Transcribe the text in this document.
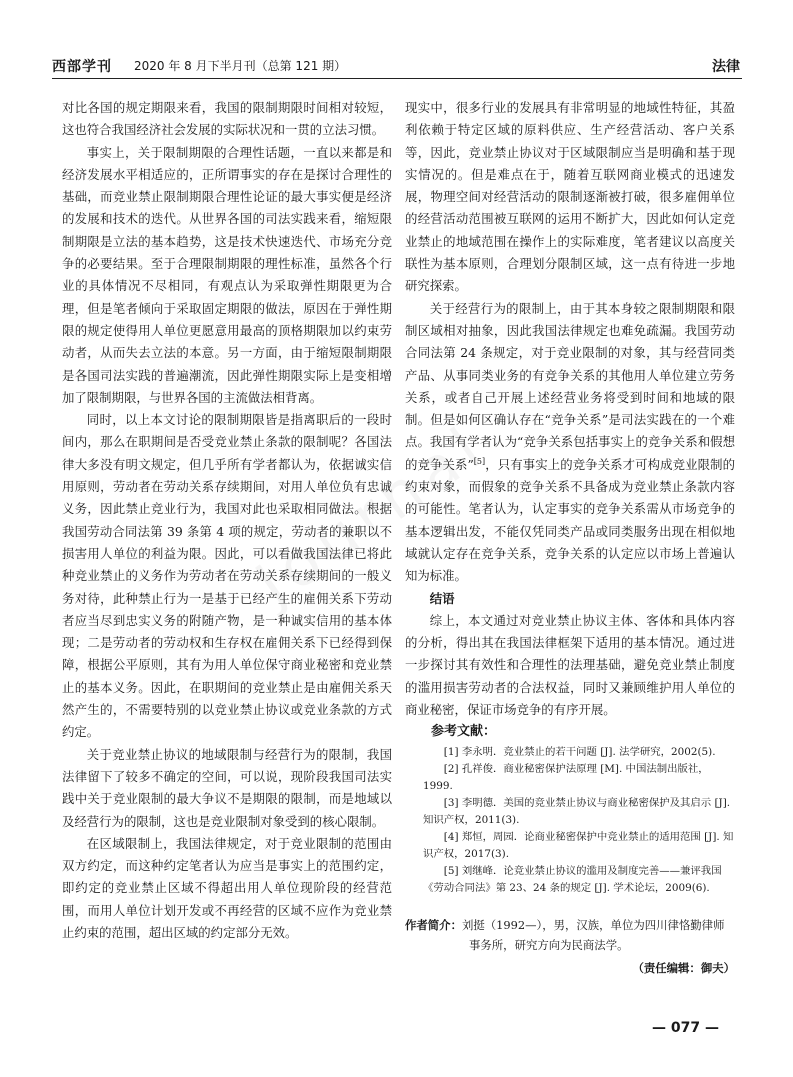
西部学刊 2020 年 8 月下半月刊（总第 121 期）	法律

对比各国的规定期限来看，我国的限制期限时间相对较短，这也符合我国经济社会发展的实际状况和一贯的立法习惯。

事实上，关于限制期限的合理性话题，一直以来都是和经济发展水平相适应的，正所谓事实的存在是探讨合理性的基础，而竞业禁止限制期限合理性论证的最大事实便是经济的发展和技术的迭代。从世界各国的司法实践来看，缩短限制期限是立法的基本趋势，这是技术快速迭代、市场充分竞争的必要结果。至于合理限制期限的理性标准，虽然各个行业的具体情况不尽相同，有观点认为采取弹性期限更为合理，但是笔者倾向于采取固定期限的做法，原因在于弹性期限的规定使得用人单位更愿意用最高的顶格期限加以约束劳动者，从而失去立法的本意。另一方面，由于缩短限制期限是各国司法实践的普遍潮流，因此弹性期限实际上是变相增加了限制期限，与世界各国的主流做法相背离。

同时，以上本文讨论的限制期限皆是指离职后的一段时间内，那么在职期间是否受竞业禁止条款的限制呢？各国法律大多没有明文规定，但几乎所有学者都认为，依据诚实信用原则，劳动者在劳动关系存续期间，对用人单位负有忠诚义务，因此禁止竞业行为，我国对此也采取相同做法。根据我国劳动合同法第 39 条第 4 项的规定，劳动者的兼职以不损害用人单位的利益为限。因此，可以看做我国法律已将此种竞业禁止的义务作为劳动者在劳动关系存续期间的一般义务对待，此种禁止行为一是基于已经产生的雇佣关系下劳动者应当尽到忠实义务的附随产物，是一种诚实信用的基本体现；二是劳动者的劳动权和生存权在雇佣关系下已经得到保障，根据公平原则，其有为用人单位保守商业秘密和竞业禁止的基本义务。因此，在职期间的竞业禁止是由雇佣关系天然产生的，不需要特别的以竞业禁止协议或竞业条款的方式约定。

关于竞业禁止协议的地域限制与经营行为的限制，我国法律留下了较多不确定的空间，可以说，现阶段我国司法实践中关于竞业限制的最大争议不是期限的限制，而是地域以及经营行为的限制，这也是竞业限制对象受到的核心限制。

在区域限制上，我国法律规定，对于竞业限制的范围由双方约定，而这种约定笔者认为应当是事实上的范围约定，即约定的竞业禁止区域不得超出用人单位现阶段的经营范围，而用人单位计划开发或不再经营的区域不应作为竞业禁止约束的范围，超出区域的约定部分无效。

现实中，很多行业的发展具有非常明显的地域性特征，其盈利依赖于特定区域的原料供应、生产经营活动、客户关系等，因此，竞业禁止协议对于区域限制应当是明确和基于现实情况的。但是难点在于，随着互联网商业模式的迅速发展，物理空间对经营活动的限制逐渐被打破，很多雇佣单位的经营活动范围被互联网的运用不断扩大，因此如何认定竞业禁止的地域范围在操作上的实际难度，笔者建议以高度关联性为基本原则，合理划分限制区域，这一点有待进一步地研究探索。

关于经营行为的限制上，由于其本身较之限制期限和限制区域相对抽象，因此我国法律规定也难免疏漏。我国劳动合同法第 24 条规定，对于竞业限制的对象，其与经营同类产品、从事同类业务的有竞争关系的其他用人单位建立劳务关系，或者自己开展上述经营业务将受到时间和地域的限制。但是如何区确认存在“竞争关系”是司法实践在的一个难点。我国有学者认为“竞争关系包括事实上的竞争关系和假想的竞争关系”[5]，只有事实上的竞争关系才可构成竞业限制的约束对象，而假象的竞争关系不具备成为竞业禁止条款内容的可能性。笔者认为，认定事实的竞争关系需从市场竞争的基本逻辑出发，不能仅凭同类产品或同类服务出现在相似地域就认定存在竞争关系，竞争关系的认定应以市场上普遍认知为标准。

结语

综上，本文通过对竞业禁止协议主体、客体和具体内容的分析，得出其在我国法律框架下适用的基本情况。通过进一步探讨其有效性和合理性的法理基础，避免竞业禁止制度的滥用损害劳动者的合法权益，同时又兼顾维护用人单位的商业秘密，保证市场竞争的有序开展。

参考文献：

[1] 李永明．竞业禁止的若干问题 [J]. 法学研究，2002(5).

[2] 孔祥俊．商业秘密保护法原理 [M]. 中国法制出版社，1999.

[3] 李明德．美国的竞业禁止协议与商业秘密保护及其启示 [J]. 知识产权，2011(3).

[4] 郑恒，周园．论商业秘密保护中竞业禁止的适用范围 [J]. 知识产权，2017(3).

[5] 刘继峰．论竞业禁止协议的滥用及制度完善——兼评我国《劳动合同法》第 23、24 条的规定 [J]. 学术论坛，2009(6).

作者简介：刘挺（1992—），男，汉族，单位为四川律恪勤律师事务所，研究方向为民商法学。
（责任编辑：御夫）
— 077 —
